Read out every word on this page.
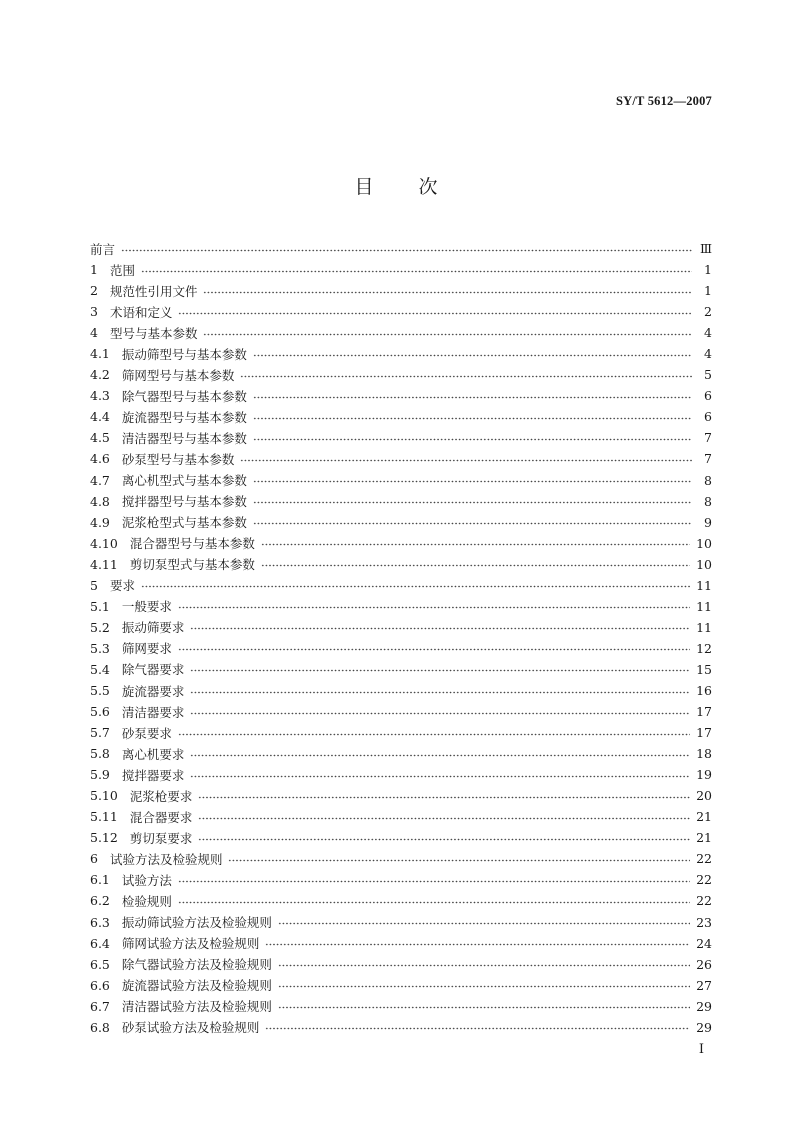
SY/T 5612—2007
目次
前言	Ⅲ
1 范围	1
2 规范性引用文件	1
3 术语和定义	2
4 型号与基本参数	4
4.1 振动筛型号与基本参数	4
4.2 筛网型号与基本参数	5
4.3 除气器型号与基本参数	6
4.4 旋流器型号与基本参数	6
4.5 清洁器型号与基本参数	7
4.6 砂泵型号与基本参数	7
4.7 离心机型式与基本参数	8
4.8 搅拌器型号与基本参数	8
4.9 泥浆枪型式与基本参数	9
4.10 混合器型号与基本参数	10
4.11 剪切泵型式与基本参数	10
5 要求	11
5.1 一般要求	11
5.2 振动筛要求	11
5.3 筛网要求	12
5.4 除气器要求	15
5.5 旋流器要求	16
5.6 清洁器要求	17
5.7 砂泵要求	17
5.8 离心机要求	18
5.9 搅拌器要求	19
5.10 泥浆枪要求	20
5.11 混合器要求	21
5.12 剪切泵要求	21
6 试验方法及检验规则	22
6.1 试验方法	22
6.2 检验规则	22
6.3 振动筛试验方法及检验规则	23
6.4 筛网试验方法及检验规则	24
6.5 除气器试验方法及检验规则	26
6.6 旋流器试验方法及检验规则	27
6.7 清洁器试验方法及检验规则	29
6.8 砂泵试验方法及检验规则	29
Ⅰ
